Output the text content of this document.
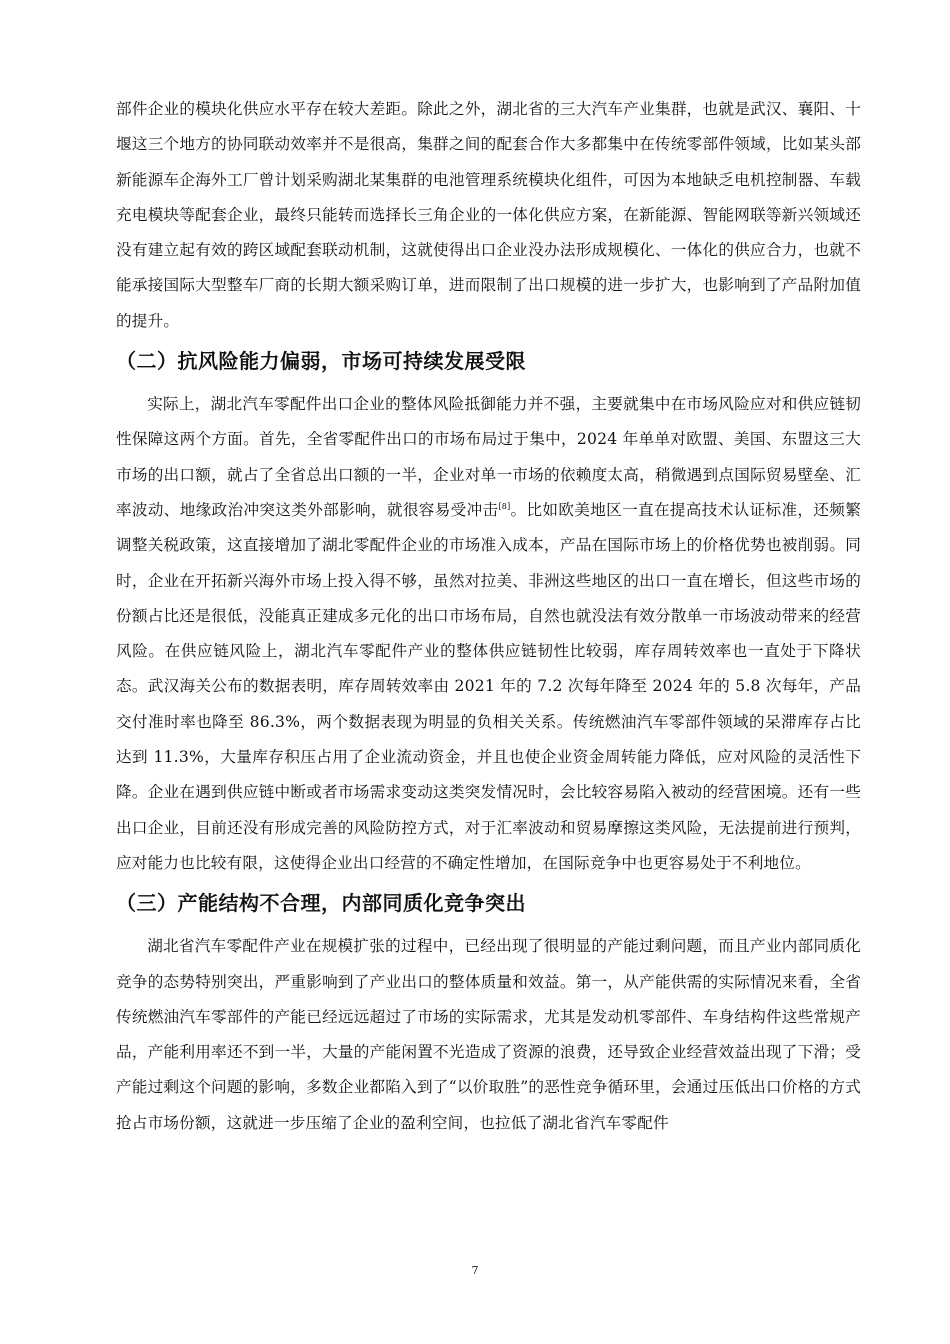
部件企业的模块化供应水平存在较大差距。除此之外，湖北省的三大汽车产业集群，也就是武汉、襄阳、十堰这三个地方的协同联动效率并不是很高，集群之间的配套合作大多都集中在传统零部件领域，比如某头部新能源车企海外工厂曾计划采购湖北某集群的电池管理系统模块化组件，可因为本地缺乏电机控制器、车载充电模块等配套企业，最终只能转而选择长三角企业的一体化供应方案，在新能源、智能网联等新兴领域还没有建立起有效的跨区域配套联动机制，这就使得出口企业没办法形成规模化、一体化的供应合力，也就不能承接国际大型整车厂商的长期大额采购订单，进而限制了出口规模的进一步扩大，也影响到了产品附加值的提升。

（二）抗风险能力偏弱，市场可持续发展受限

实际上，湖北汽车零配件出口企业的整体风险抵御能力并不强，主要就集中在市场风险应对和供应链韧性保障这两个方面。首先，全省零配件出口的市场布局过于集中，2024 年单单对欧盟、美国、东盟这三大市场的出口额，就占了全省总出口额的一半，企业对单一市场的依赖度太高，稍微遇到点国际贸易壁垒、汇率波动、地缘政治冲突这类外部影响，就很容易受冲击[8]。比如欧美地区一直在提高技术认证标准，还频繁调整关税政策，这直接增加了湖北零配件企业的市场准入成本，产品在国际市场上的价格优势也被削弱。同时，企业在开拓新兴海外市场上投入得不够，虽然对拉美、非洲这些地区的出口一直在增长，但这些市场的份额占比还是很低，没能真正建成多元化的出口市场布局，自然也就没法有效分散单一市场波动带来的经营风险。在供应链风险上，湖北汽车零配件产业的整体供应链韧性比较弱，库存周转效率也一直处于下降状态。武汉海关公布的数据表明，库存周转效率由 2021 年的 7.2 次每年降至 2024 年的 5.8 次每年，产品交付准时率也降至 86.3%，两个数据表现为明显的负相关关系。传统燃油汽车零部件领域的呆滞库存占比达到 11.3%，大量库存积压占用了企业流动资金，并且也使企业资金周转能力降低，应对风险的灵活性下降。企业在遇到供应链中断或者市场需求变动这类突发情况时，会比较容易陷入被动的经营困境。还有一些出口企业，目前还没有形成完善的风险防控方式，对于汇率波动和贸易摩擦这类风险，无法提前进行预判，应对能力也比较有限，这使得企业出口经营的不确定性增加，在国际竞争中也更容易处于不利地位。

（三）产能结构不合理，内部同质化竞争突出

湖北省汽车零配件产业在规模扩张的过程中，已经出现了很明显的产能过剩问题，而且产业内部同质化竞争的态势特别突出，严重影响到了产业出口的整体质量和效益。第一，从产能供需的实际情况来看，全省传统燃油汽车零部件的产能已经远远超过了市场的实际需求，尤其是发动机零部件、车身结构件这些常规产品，产能利用率还不到一半，大量的产能闲置不光造成了资源的浪费，还导致企业经营效益出现了下滑；受产能过剩这个问题的影响，多数企业都陷入到了“以价取胜”的恶性竞争循环里，会通过压低出口价格的方式抢占市场份额，这就进一步压缩了企业的盈利空间，也拉低了湖北省汽车零配件

7
